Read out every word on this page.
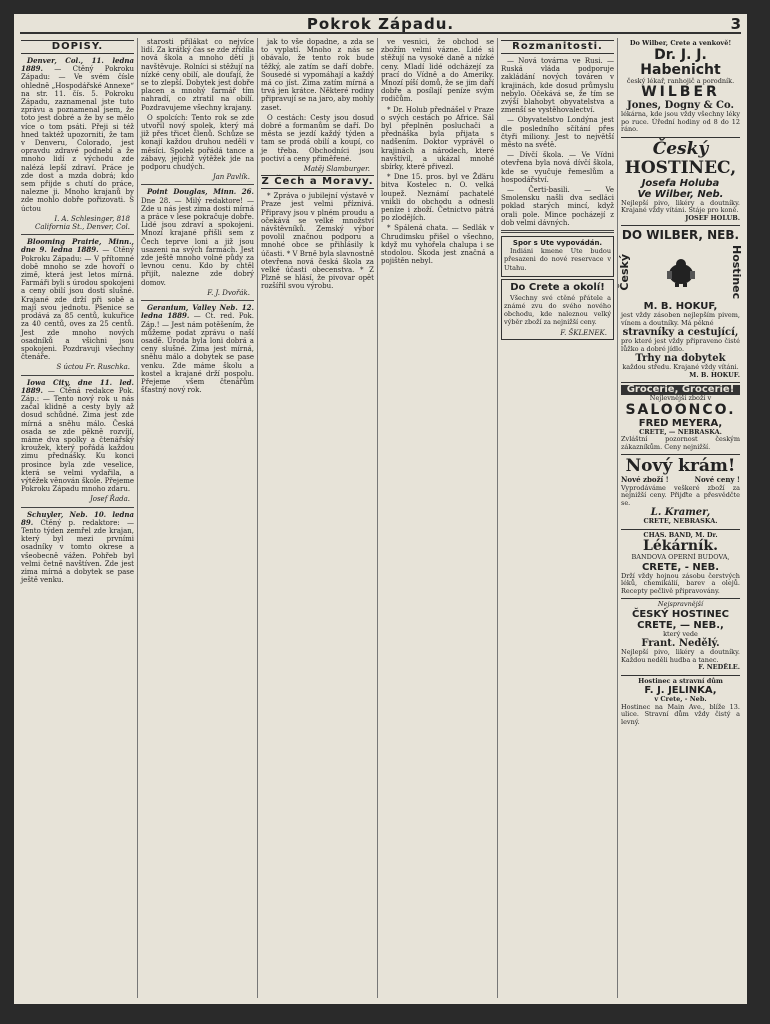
Pokrok Západu.	3
DOPISY.

Denver, Col., 11. ledna 1889. — Ctěný Pokroku Západu: — Ve svém čísle ohledně „Hospodářské Annexe“ na str. 11. čís. 5. Pokroku Západu, zaznamenal jste tuto zprávu a poznamenal jsem, že toto jest dobré a že by se mělo více o tom psáti. Přeji si též hned taktéž upozorniti, že tam v Denveru, Colorado, jest opravdu zdravé podnebí a že mnoho lidí z východu zde nalézá lepší zdraví. Práce je zde dost a mzda dobrá; kdo sem přijde s chutí do práce, nalezne ji. Mnoho krajanů by zde mohlo dobře pořizovati. S úctou

I. A. Schlesinger, 818 California St., Denver, Col.

Blooming Prairie, Minn., dne 9. ledna 1889. — Ctěný Pokroku Západu: — V přítomné době mnoho se zde hovoří o zimě, která jest letos mírná. Farmáři byli s úrodou spokojeni a ceny obilí jsou dosti slušné. Krajané zde drží při sobě a mají svou jednotu. Pšenice se prodává za 85 centů, kukuřice za 40 centů, oves za 25 centů. Jest zde mnoho nových osadníků a všichni jsou spokojeni. Pozdravuji všechny čtenáře.

S úctou Fr. Ruschka.

Iowa City, dne 11. led. 1889. — Ctěná redakce Pok. Záp.: — Tento nový rok u nás začal klidně a cesty byly až dosud schůdné. Zima jest zde mírná a sněhu málo. Česká osada se zde pěkně rozvíjí, máme dva spolky a čtenářský kroužek, který pořádá každou zimu přednášky. Ku konci prosince byla zde veselice, která se velmi vydařila, a výtěžek věnován škole. Přejeme Pokroku Západu mnoho zdaru.

Josef Řada.

Schuyler, Neb. 10. ledna 89. Ctěný p. redaktore: — Tento týden zemřel zde krajan, který byl mezi prvními osadníky v tomto okrese a všeobecně vážen. Pohřeb byl velmi četně navštíven. Zde jest zima mírná a dobytek se pase ještě venku.

starosti přilákat co nejvíce lidí. Za krátký čas se zde zřídila nová škola a mnoho dětí ji navštěvuje. Rolníci si stěžují na nízké ceny obilí, ale doufají, že se to zlepší. Dobytek jest dobře placen a mnohý farmář tím nahradí, co ztratil na obilí. Pozdravujeme všechny krajany.

O spolcích: Tento rok se zde utvořil nový spolek, který má již přes třicet členů. Schůze se konají každou druhou neděli v měsíci. Spolek pořádá tance a zábavy, jejichž výtěžek jde na podporu chudých.

Jan Pavlík.

Point Douglas, Minn. 26. Dne 28. — Milý redaktore! — Zde u nás jest zima dosti mírná a práce v lese pokračuje dobře. Lidé jsou zdraví a spokojeni. Mnozí krajané přišli sem z Čech teprve loni a již jsou usazeni na svých farmách. Jest zde ještě mnoho volné půdy za levnou cenu. Kdo by chtěl přijít, nalezne zde dobrý domov.

F. J. Dvořák.

Geranium, Valley Neb. 12. ledna 1889. — Ct. red. Pok. Záp.! — Jest nám potěšením, že můžeme podat zprávu o naší osadě. Úroda byla loni dobrá a ceny slušné. Zima jest mírná, sněhu málo a dobytek se pase venku. Zde máme školu a kostel a krajané drží pospolu. Přejeme všem čtenářům šťastný nový rok.

jak to vše dopadne, a zda se to vyplatí. Mnoho z nás se obávalo, že tento rok bude těžký, ale zatím se daří dobře. Sousedé si vypomáhají a každý má co jíst. Zima zatím mírná a trvá jen krátce. Některé rodiny připravují se na jaro, aby mohly zaset.

O cestách: Cesty jsou dosud dobré a formanům se daří. Do města se jezdí každý týden a tam se prodá obilí a koupí, co je třeba. Obchodníci jsou poctiví a ceny přiměřené.

Matěj Slamburger.
Z Čech a Moravy.

* Zpráva o jubilejní výstavě v Praze jest velmi příznivá. Připravy jsou v plném proudu a očekává se velké množství návštěvníků. Zemský výbor povolil značnou podporu a mnohé obce se přihlásily k účasti. * V Brně byla slavnostně otevřena nová česká škola za velké účasti obecenstva. * Z Plzně se hlásí, že pivovar opět rozšířil svou výrobu.

ve vesnici, že obchod se zbožím velmi vázne. Lidé si stěžují na vysoké daně a nízké ceny. Mladí lidé odcházejí za prací do Vídně a do Ameriky. Mnozí píší domů, že se jim daří dobře a posílají peníze svým rodičům.

* Dr. Holub přednášel v Praze o svých cestách po Africe. Sál byl přeplněn posluchači a přednáška byla přijata s nadšením. Doktor vyprávěl o krajinách a národech, které navštívil, a ukázal mnohé sbírky, které přivezl.

* Dne 15. pros. byl ve Žďáru bitva Kostelec n. O. velká loupež. Neznámí pachatelé vnikli do obchodu a odnesli peníze i zboží. Četnictvo pátrá po zlodějích.

* Spálená chata. — Sedlák v Chrudimsku přišel o všechno, když mu vyhořela chalupa i se stodolou. Škoda jest značná a pojištěn nebyl.

Rozmanitosti.

— Nová továrna ve Rusi. — Ruská vláda podporuje zakládání nových továren v krajinách, kde dosud průmyslu nebylo. Očekává se, že tím se zvýší blahobyt obyvatelstva a zmenší se vystěhovalectví.

— Obyvatelstvo Londýna jest dle posledního sčítání přes čtyři miliony. Jest to největší město na světě.

— Dívčí škola. — Ve Vídni otevřena byla nová dívčí škola, kde se vyučuje řemeslům a hospodářství.

— Čerti-basili. — Ve Smolensku našli dva sedláci poklad starých mincí, když orali pole. Mince pocházejí z dob velmi dávných.

Spor s Ute vypovádán.

Indiáni kmene Ute budou přesazeni do nové reservace v Utahu.

Do Crete a okolí!

Všechny své ctěné přátele a známé zvu do svého nového obchodu, kde naleznou velký výběr zboží za nejnižší ceny.

F. ŠKLENEK.
Do Wilber, Crete a venkově!
Dr. J. J. Habenicht
český lékař, ranhojič a porodník.
WILBER
Jones, Dogny & Co.
lékárna, kde jsou vždy všechny léky po ruce. Úřední hodiny od 8 do 12 ráno.
Český
HOSTINEC,
Josefa Holuba
Ve Wilber, Neb.
Nejlepší pivo, likéry a doutníky. Krajané vždy vítáni. Stáje pro koně.
JOSEF HOLUB.
DO WILBER, NEB.
Český	Hostinec
M. B. HOKUF,
jest vždy zásoben nejlepším pivem, vínem a doutníky. Má pěkné
stravníky a cestující,
pro které jest vždy připraveno čisté lůžko a dobré jídlo.
Trhy na dobytek
každou středu. Krajané vždy vítáni.
M. B. HOKUF.
Grocerie, Grocerie!
Nejlevnější zboží v
SALOONCO.
FRED MEYERA,
CRETE, — NEBRASKA.
Zvláštní pozornost českým zákazníkům. Ceny nejnižší.
Nový krám!
Nové zboží !	Nové ceny !
Vyprodáváme veškeré zboží za nejnižší ceny. Přijďte a přesvědčte se.
L. Kramer,
CRETE, NEBRASKA.
CHAS. BAND, M. Dr.
Lékárník.
BANDOVA OPERNÍ BUDOVA,
CRETE, - NEB.
Drží vždy hojnou zásobu čerstvých léků, chemikálií, barev a olejů. Recepty pečlivě připravovány.
Nejspravnější
ČESKÝ HOSTINEC
CRETE, — NEB.,
který vede
Frant. Nedělý.
Nejlepší pivo, likéry a doutníky. Každou neděli hudba a tanec.
F. NEDĚLE.
Hostinec a stravní dům
F. J. JELINKA,
v Crete, - Neb.
Hostinec na Main Ave., blíže 13. ulice. Stravní dům vždy čistý a levný.
